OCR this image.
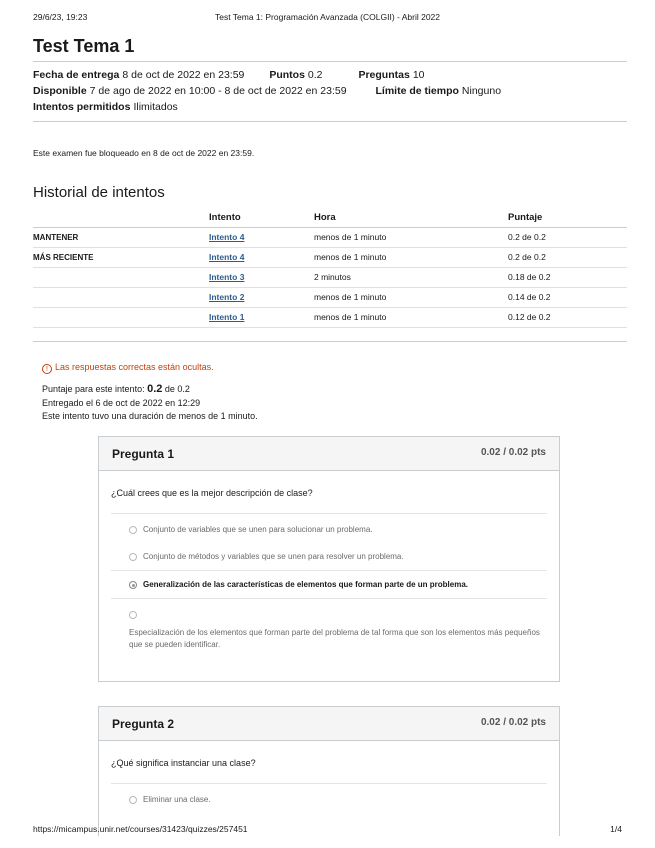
29/6/23, 19:23	Test Tema 1: Programación Avanzada (COLGII) - Abril 2022
Test Tema 1
Fecha de entrega 8 de oct de 2022 en 23:59 Puntos 0.2	Preguntas 10
Disponible 7 de ago de 2022 en 10:00 - 8 de oct de 2022 en 23:59	Límite de tiempo Ninguno
Intentos permitidos Ilimitados
Este examen fue bloqueado en 8 de oct de 2022 en 23:59.
Historial de intentos
	Intento	Hora	Puntaje
MANTENER	Intento 4	menos de 1 minuto	0.2 de 0.2
MÁS RECIENTE	Intento 4	menos de 1 minuto	0.2 de 0.2
	Intento 3	2 minutos	0.18 de 0.2
	Intento 2	menos de 1 minuto	0.14 de 0.2
	Intento 1	menos de 1 minuto	0.12 de 0.2
! Las respuestas correctas están ocultas.
Puntaje para este intento: 0.2 de 0.2
Entregado el 6 de oct de 2022 en 12:29
Este intento tuvo una duración de menos de 1 minuto.
Pregunta 1	0.02 / 0.02 pts
¿Cuál crees que es la mejor descripción de clase?
Conjunto de variables que se unen para solucionar un problema.
Conjunto de métodos y variables que se unen para resolver un problema.
Generalización de las características de elementos que forman parte de un problema.
Especialización de los elementos que forman parte del problema de tal forma que son los elementos más pequeños que se pueden identificar.
Pregunta 2	0.02 / 0.02 pts
¿Qué significa instanciar una clase?
Eliminar una clase.
https://micampus.unir.net/courses/31423/quizzes/257451	1/4
